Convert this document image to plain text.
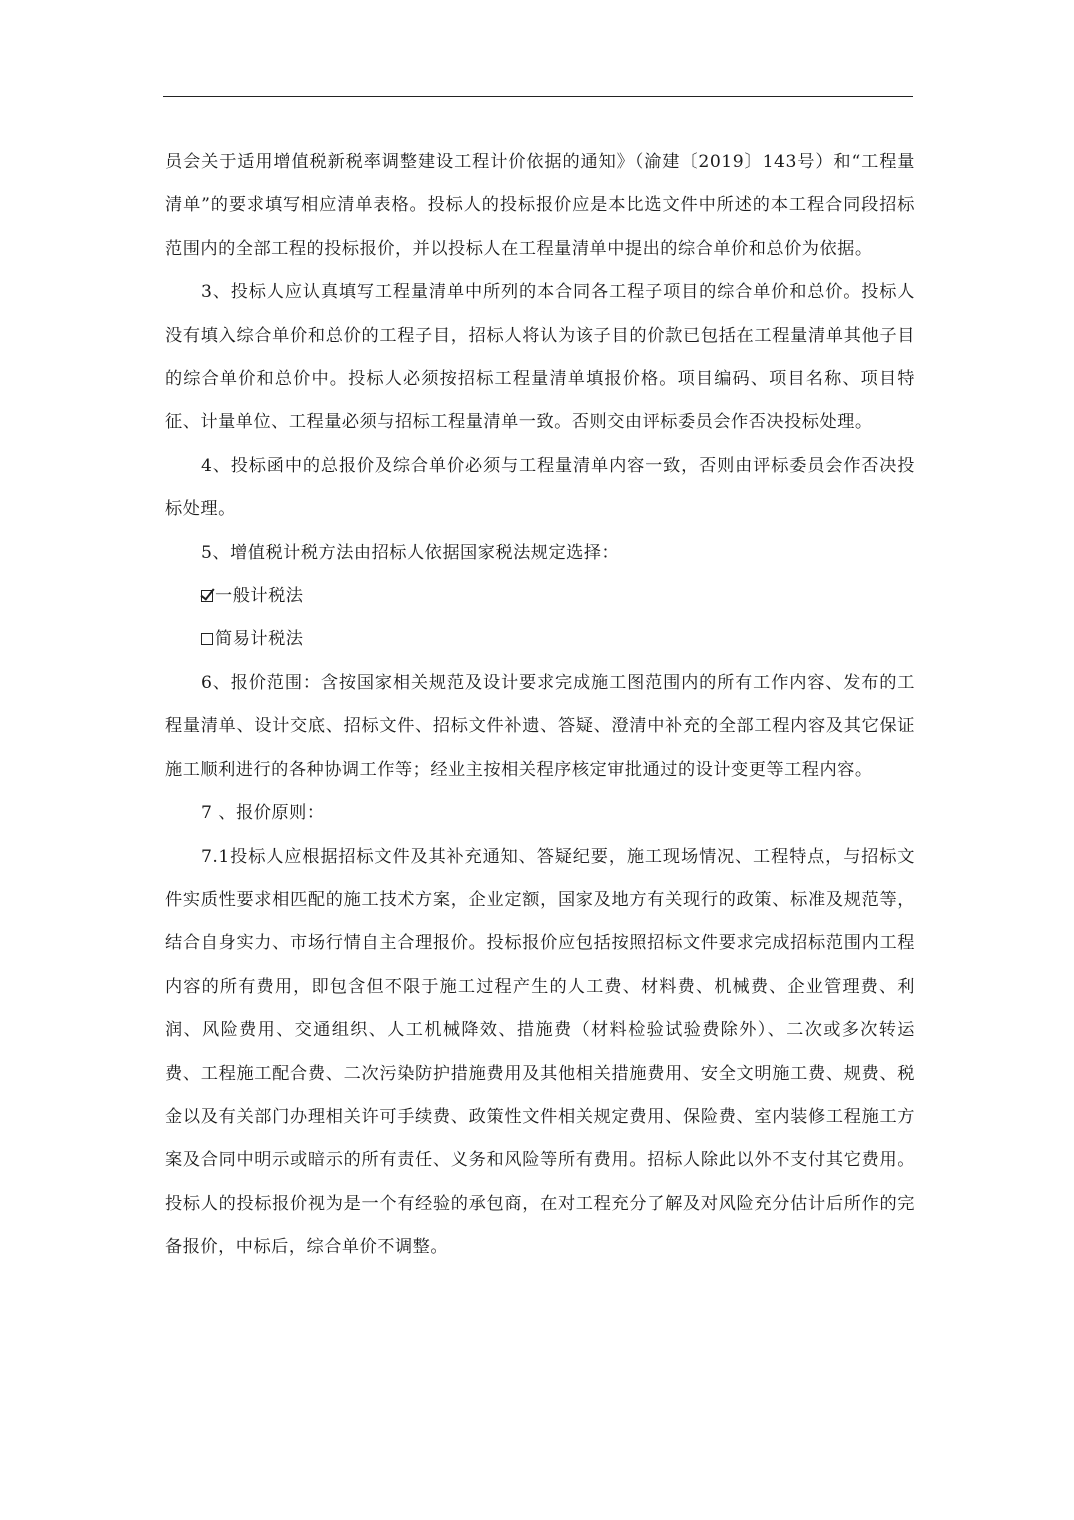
员会关于适用增值税新税率调整建设工程计价依据的通知》（渝建〔2019〕143号）和“工程量清单”的要求填写相应清单表格。投标人的投标报价应是本比选文件中所述的本工程合同段招标范围内的全部工程的投标报价，并以投标人在工程量清单中提出的综合单价和总价为依据。

3、投标人应认真填写工程量清单中所列的本合同各工程子项目的综合单价和总价。投标人没有填入综合单价和总价的工程子目，招标人将认为该子目的价款已包括在工程量清单其他子目的综合单价和总价中。投标人必须按招标工程量清单填报价格。项目编码、项目名称、项目特征、计量单位、工程量必须与招标工程量清单一致。否则交由评标委员会作否决投标处理。

4、投标函中的总报价及综合单价必须与工程量清单内容一致，否则由评标委员会作否决投标处理。

5、增值税计税方法由招标人依据国家税法规定选择：

一般计税法

简易计税法

6、报价范围：含按国家相关规范及设计要求完成施工图范围内的所有工作内容、发布的工程量清单、设计交底、招标文件、招标文件补遗、答疑、澄清中补充的全部工程内容及其它保证施工顺利进行的各种协调工作等；经业主按相关程序核定审批通过的设计变更等工程内容。

7 、报价原则：

7.1投标人应根据招标文件及其补充通知、答疑纪要，施工现场情况、工程特点，与招标文件实质性要求相匹配的施工技术方案，企业定额，国家及地方有关现行的政策、标准及规范等，结合自身实力、市场行情自主合理报价。投标报价应包括按照招标文件要求完成招标范围内工程内容的所有费用，即包含但不限于施工过程产生的人工费、材料费、机械费、企业管理费、利润、风险费用、交通组织、人工机械降效、措施费（材料检验试验费除外）、二次或多次转运费、工程施工配合费、二次污染防护措施费用及其他相关措施费用、安全文明施工费、规费、税金以及有关部门办理相关许可手续费、政策性文件相关规定费用、保险费、室内装修工程施工方案及合同中明示或暗示的所有责任、义务和风险等所有费用。招标人除此以外不支付其它费用。投标人的投标报价视为是一个有经验的承包商，在对工程充分了解及对风险充分估计后所作的完备报价，中标后，综合单价不调整。
